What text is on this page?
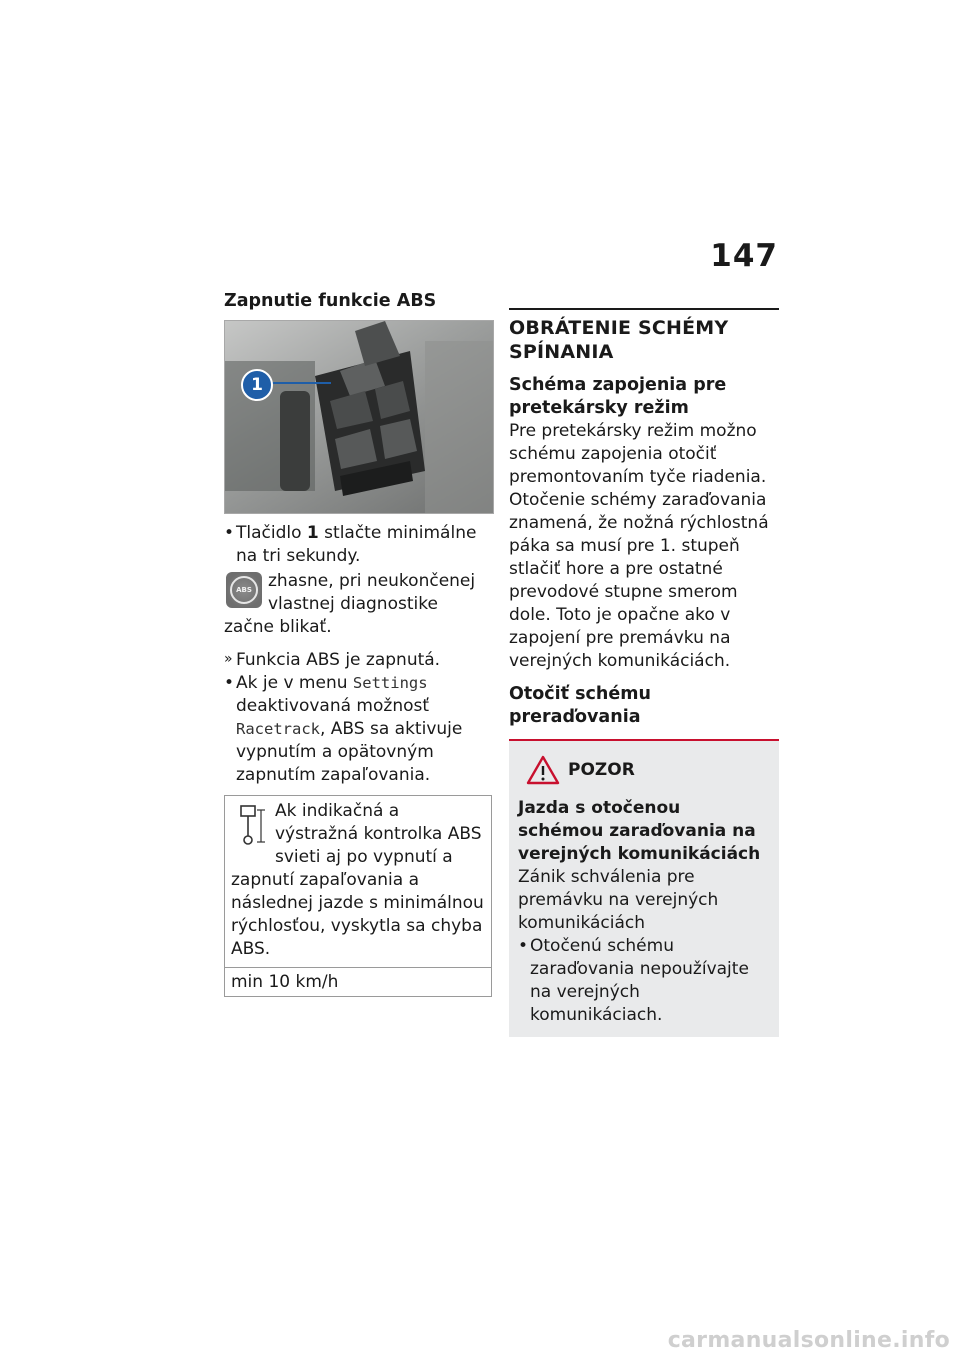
147
Zapnutie funkcie ABS
1
• Tlačidlo 1 stlačte minimálne na tri sekundy.
ABS zhasne, pri neukončenej vlastnej diagnostike začne blikať.

» Funkcia ABS je zapnutá.
• Ak je v menu Settings deaktivovaná možnosť Racetrack, ABS sa aktivuje vypnutím a opätovným zapnutím zapaľovania.

Ak indikačná a výstražná kontrolka ABS svieti aj po vypnutí a zapnutí zapaľovania a následnej jazde s minimálnou rýchlosťou, vyskytla sa chyba ABS.

min 10 km/h
OBRÁTENIE SCHÉMY SPÍNANIA
Schéma zapojenia pre pretekársky režim

Pre pretekársky režim možno schému zapojenia otočiť premontovaním tyče riadenia. Otočenie schémy zaraďovania znamená, že nožná rýchlostná páka sa musí pre 1. stupeň stlačiť hore a pre ostatné prevodové stupne smerom dole. Toto je opačne ako v zapojení pre premávku na verejných komunikáciách.

Otočiť schému preraďovania
POZOR

Jazda s otočenou schémou zaraďovania na verejných komunikáciách

Zánik schválenia pre premávku na verejných komunikáciách

• Otočenú schému zaraďovania nepoužívajte na verejných komunikáciach.

carmanualsonline.info
